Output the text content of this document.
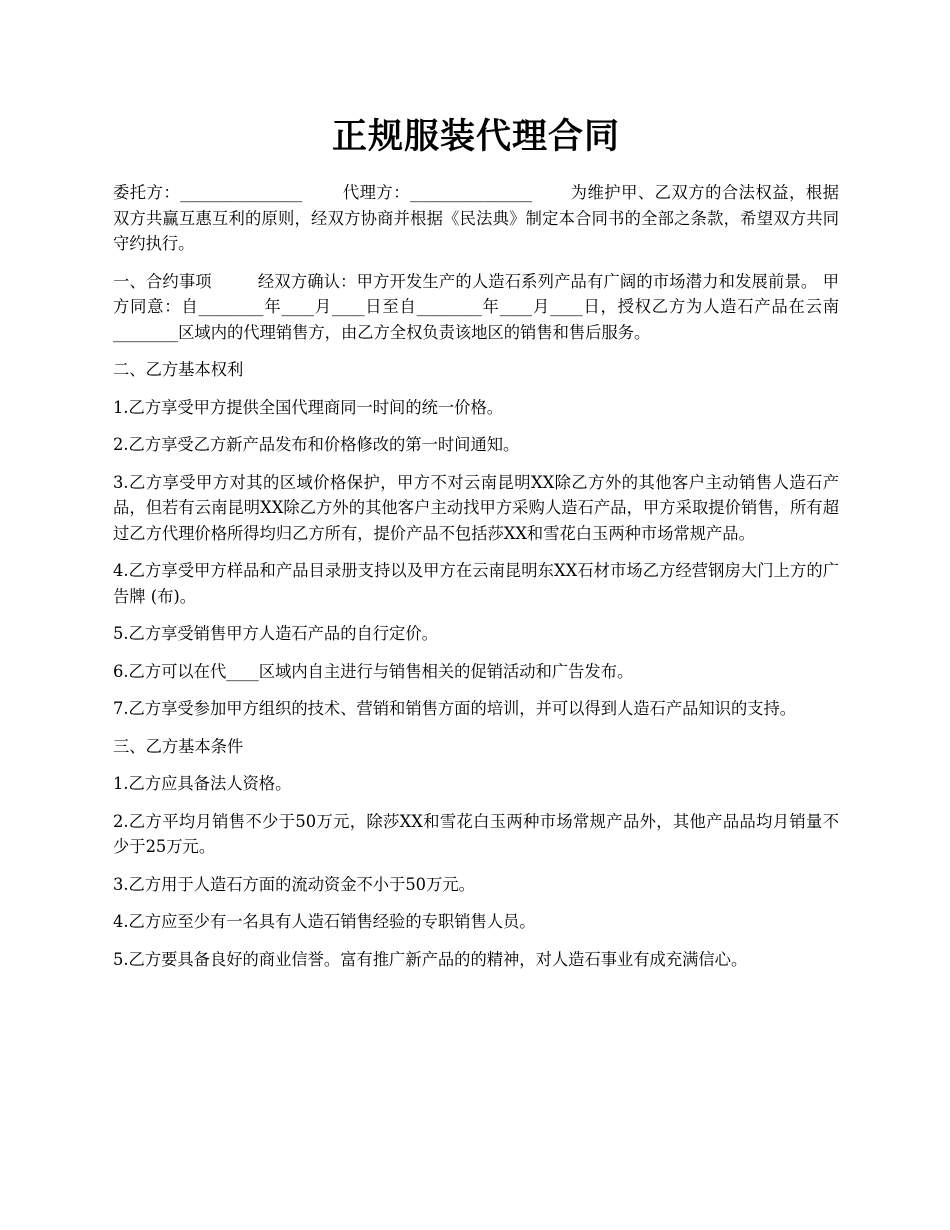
正规服装代理合同

委托方：_______________ 代理方：_______________ 为维护甲、乙双方的合法权益，根据双方共赢互惠互利的原则，经双方协商并根据《民法典》制定本合同书的全部之条款，希望双方共同守约执行。

一、合约事项	经双方确认：甲方开发生产的人造石系列产品有广阔的市场潜力和发展前景。 甲方同意：自________年____月____日至自________年____月____日，授权乙方为人造石产品在云南________区域内的代理销售方，由乙方全权负责该地区的销售和售后服务。

二、乙方基本权利

1.乙方享受甲方提供全国代理商同一时间的统一价格。

2.乙方享受乙方新产品发布和价格修改的第一时间通知。

3.乙方享受甲方对其的区域价格保护，甲方不对云南昆明XX除乙方外的其他客户主动销售人造石产品，但若有云南昆明XX除乙方外的其他客户主动找甲方采购人造石产品，甲方采取提价销售，所有超过乙方代理价格所得均归乙方所有，提价产品不包括莎XX和雪花白玉两种市场常规产品。

4.乙方享受甲方样品和产品目录册支持以及甲方在云南昆明东XX石材市场乙方经营钢房大门上方的广告牌 (布)。

5.乙方享受销售甲方人造石产品的自行定价。

6.乙方可以在代____区域内自主进行与销售相关的促销活动和广告发布。

7.乙方享受参加甲方组织的技术、营销和销售方面的培训，并可以得到人造石产品知识的支持。

三、乙方基本条件

1.乙方应具备法人资格。

2.乙方平均月销售不少于50万元，除莎XX和雪花白玉两种市场常规产品外，其他产品品均月销量不少于25万元。

3.乙方用于人造石方面的流动资金不小于50万元。

4.乙方应至少有一名具有人造石销售经验的专职销售人员。

5.乙方要具备良好的商业信誉。富有推广新产品的的精神，对人造石事业有成充满信心。
